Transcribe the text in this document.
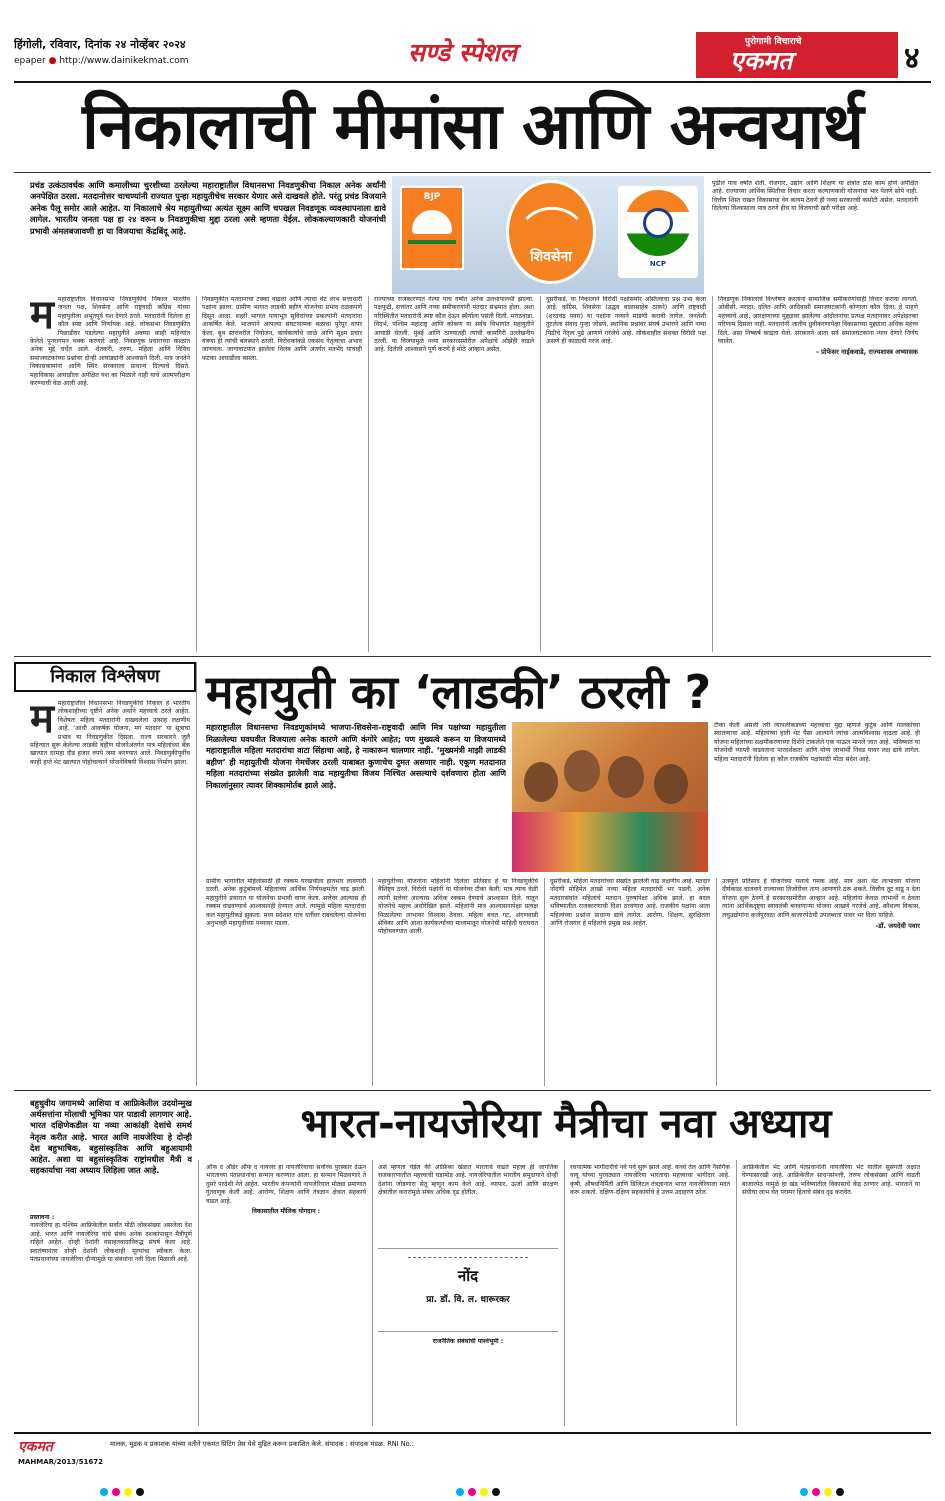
हिंगोली, रविवार, दिनांक २४ नोव्हेंबर २०२४
epaper ● http://www.dainikekmat.com	सण्डे स्पेशल	पुरोगामी विचाराचे
एकमत	४
निकालाची मीमांसा आणि अन्वयार्थ
प्रचंड उत्कंठावर्धक आणि कमालीच्या चुरशीच्या ठरलेल्या महाराष्ट्रातील विधानसभा निवडणुकीचा निकाल अनेक अर्थांनी अनपेक्षित ठरला. मतदानोत्तर चाचण्यांनी राज्यात पुन्हा महायुतीचेच सरकार येणार असे दाखवले होते. परंतु प्रचंड विजयाने अनेक पैलू समोर आले आहेत. या निकालाचे श्रेय महायुतीच्या अत्यंत सूक्ष्म आणि चपखल निवडणूक व्यवस्थापनाला द्यावे लागेल. भारतीय जनता पक्ष हा २४ वरून ७ निवडणुकीचा मुद्दा ठरला असे म्हणता येईल. लोककल्याणकारी योजनांची प्रभावी अंमलबजावणी हा या विजयाचा केंद्रबिंदू आहे.
BJP
शिवसेना	NCP
पुढील पाच वर्षांत शेती, रोजगार, उद्योग आणि शिक्षण या क्षेत्रांत ठोस काम होणे अपेक्षित आहे. राज्याच्या आर्थिक स्थितीचा विचार करता कल्याणकारी योजनांचा भार पेलणे सोपे नाही. वित्तीय शिस्त राखत विकासाचा वेग कायम ठेवणे ही नव्या सरकारची कसोटी असेल. मतदारांनी दिलेल्या विश्वासाला पात्र ठरणे हीच या विजयाची खरी परीक्षा आहे.
ममहाराष्ट्रातील विधानसभा निवडणुकीचे निकाल भारतीय जनता पक्ष, शिवसेना आणि राष्ट्रवादी काँग्रेस यांच्या महायुतीला अभूतपूर्व यश देणारे ठरले. मतदारांनी दिलेला हा कौल स्पष्ट आणि निर्णायक आहे. लोकसभा निवडणुकीत पिछाडीवर पडलेल्या महायुतीने अवघ्या काही महिन्यांत केलेले पुनरागमन थक्क करणारे आहे. निवडणूक प्रचाराच्या काळात अनेक मुद्दे चर्चेत आले. शेतकरी, तरुण, महिला आणि विविध समाजघटकांच्या प्रश्नांवर दोन्ही आघाड्यांनी आश्वासने दिली. मात्र जनतेने विकासकामांना आणि स्थिर सरकारला प्राधान्य दिल्याचे दिसते. महाविकास आघाडीला अपेक्षित यश का मिळाले नाही याचे आत्मपरीक्षण करण्याची वेळ आली आहे.
निवडणुकीत मतदानाचा टक्का वाढला आणि त्याचा थेट लाभ सत्ताधारी पक्षांना झाला. ग्रामीण भागात लाडकी बहीण योजनेचा प्रभाव ठळकपणे दिसून आला. शहरी भागात पायाभूत सुविधांच्या प्रकल्पांनी मतदारांना आकर्षित केले. भाजपाने आपल्या संघटनात्मक बळाचा पुरेपूर वापर केला. बूथ स्तरावरील नियोजन, कार्यकर्त्यांचे जाळे आणि सूक्ष्म प्रचार यंत्रणा ही त्यांची बलस्थाने ठरली. विरोधकांकडे एकसंध नेतृत्वाचा अभाव जाणवला. जागावाटपात झालेला विलंब आणि अंतर्गत मतभेद याचाही फटका आघाडीला बसला.
राज्याच्या राजकारणात गेल्या पाच वर्षांत अनेक उलथापालथी झाल्या. पक्षफुटी, सत्तांतर आणि नव्या समीकरणांनी मतदार संभ्रमात होता. अशा परिस्थितीत मतदारांनी स्पष्ट कौल देऊन स्थैर्याला पसंती दिली. मराठवाडा, विदर्भ, पश्चिम महाराष्ट्र आणि कोकण या सर्वच विभागांत महायुतीने आघाडी घेतली. मुंबई आणि ठाण्यातही त्यांची कामगिरी उल्लेखनीय ठरली. या विजयामुळे नव्या सरकारसमोरील अपेक्षांचे ओझेही वाढले आहे. दिलेली आश्वासने पूर्ण करणे हे मोठे आव्हान असेल.
दुसरीकडे, या निकालाने विरोधी पक्षांसमोर अस्तित्वाचा प्रश्न उभा केला आहे. काँग्रेस, शिवसेना (उद्धव बाळासाहेब ठाकरे) आणि राष्ट्रवादी (शरदचंद्र पवार) या पक्षांना नव्याने मांडणी करावी लागेल. जनतेशी तुटलेला संवाद पुन्हा जोडणे, स्थानिक प्रश्नांवर संघर्ष उभारणे आणि नव्या पिढीचे नेतृत्व पुढे आणणे गरजेचे आहे. लोकशाहीत सशक्त विरोधी पक्ष असणे ही काळाची गरज आहे.
निवडणूक निकालांचे विश्लेषण करताना सामाजिक समीकरणांचाही विचार करावा लागतो. ओबीसी, मराठा, दलित आणि आदिवासी समाजघटकांनी कोणाला कौल दिला, हे पाहणे महत्त्वाचे आहे. आरक्षणाच्या मुद्द्यावर झालेल्या आंदोलनांचा प्रत्यक्ष मतदानावर अपेक्षेइतका परिणाम दिसला नाही. मतदारांनी जातीय ध्रुवीकरणापेक्षा विकासाच्या मुद्द्याला अधिक महत्त्व दिले, असा निष्कर्ष काढता येतो. सरकारने आता सर्व समाजघटकांना न्याय देणारे निर्णय घ्यावेत.
- प्रोफेसर नाईकवाडे, राज्यशास्त्र अभ्यासक
निकाल विश्लेषण
ममहाराष्ट्रातील विधानसभा निवडणुकीचे निकाल हे भारतीय लोकशाहीच्या दृष्टीने अनेक अर्थाने महत्त्वाचे ठरले आहेत. विशेषतः महिला मतदारांनी दाखवलेला उत्साह लक्षणीय आहे. ‘आधी आकर्षक योजना, मग मतदान’ या सूत्राचा प्रभाव या निवडणुकीत दिसला. राज्य सरकारने जुलै महिन्यात सुरू केलेल्या लाडकी बहीण योजनेअंतर्गत पात्र महिलांच्या बँक खात्यात दरमहा दीड हजार रुपये जमा करण्यात आले. निवडणुकीपूर्वीच काही हप्ते थेट खात्यात पोहोचल्याने योजनेविषयी विश्वास निर्माण झाला.
महायुती का ‘लाडकी’ ठरली ?
महाराष्ट्रातील विधानसभा निवडणुकांमध्ये भाजपा-शिवसेना-राष्ट्रवादी आणि मित्र पक्षांच्या महायुतीला मिळालेल्या घवघवीत विजयाला अनेक कारणे आणि कंगोरे आहेत; पण मुख्यत्वे करून या विजयामध्ये महाराष्ट्रातील महिला मतदारांचा वाटा सिंहाचा आहे, हे नाकारून चालणार नाही. ‘मुख्यमंत्री माझी लाडकी बहीण’ ही महायुतीची योजना गेमचेंजर ठरली याबाबत कुणाचेच दुमत असणार नाही. एकूण मतदानात महिला मतदारांच्या संख्येत झालेली वाढ महायुतीचा विजय निश्चित असल्याचे दर्शवणारा होता आणि निकालांनुसार त्यावर शिक्कामोर्तब झाले आहे.
टीका केली असली तरी त्यापलीकडच्या महत्त्वाचा मुद्दा म्हणजे कुटुंब आणि पालकांच्या स्वातंत्र्याचा आहे. महिलांच्या हाती थेट पैसा आल्याने त्यांचा आत्मविश्वास वाढला आहे. ही योजना महिलांच्या सक्षमीकरणाच्या दिशेने टाकलेले एक पाऊल मानले जात आहे. भविष्यात या योजनेची व्याप्ती वाढवताना पारदर्शकता आणि योग्य लाभार्थी निवड यावर लक्ष द्यावे लागेल. महिला मतदारांनी दिलेला हा कौल राजकीय पक्षांसाठी मोठा संदेश आहे.
ग्रामीण भागातील महिलांसाठी ही रक्कम घरखर्चाला हातभार लावणारी ठरली. अनेक कुटुंबांमध्ये महिलांच्या आर्थिक निर्णयक्षमतेत वाढ झाली. महायुतीने प्रचारात या योजनेचा प्रभावी वापर केला. सत्तेवर आल्यास ही रक्कम वाढवण्याचे आश्वासनही देण्यात आले. त्यामुळे महिला मतदारांचा कल महायुतीकडे झुकला. मध्य प्रदेशात याच धर्तीवर राबवलेल्या योजनेचा अनुभवही महायुतीच्या पथ्यावर पडला.
महायुतीच्या योजनांना महिलांनी दिलेला प्रतिसाद हे या निवडणुकीचे वैशिष्ट्य ठरले. विरोधी पक्षांनी या योजनेवर टीका केली; मात्र त्याच वेळी त्यांनी सत्तेवर आल्यास अधिक रक्कम देण्याचे आश्वासन दिले. यातून योजनेचे महत्त्व अधोरेखित झाले. महिलांनी मात्र आश्वासनापेक्षा प्रत्यक्ष मिळालेल्या लाभावर विश्वास ठेवला. महिला बचत गट, अंगणवाडी सेविका आणि आशा कार्यकर्त्यांच्या माध्यमातून योजनेची माहिती घराघरात पोहोचवण्यात आली.
दुसरीकडे, महिला मतदारांच्या संख्येत झालेली वाढ लक्षणीय आहे. मतदार नोंदणी मोहिमेत लाखो नव्या महिला मतदारांची भर पडली. अनेक मतदारसंघांत महिलांचे मतदान पुरुषांपेक्षा अधिक झाले. हा बदल भविष्यातील राजकारणाची दिशा ठरवणारा आहे. राजकीय पक्षांना आता महिलांच्या प्रश्नांना प्राधान्य द्यावे लागेल. आरोग्य, शिक्षण, सुरक्षितता आणि रोजगार हे महिलांचे प्रमुख प्रश्न आहेत.
उत्स्फूर्त प्रतिसाद हे योजनेच्या यशाचे गमक आहे. मात्र अशा थेट लाभाच्या योजना दीर्घकाळ चालवणे राज्याच्या तिजोरीवर ताण आणणारे ठरू शकते. वित्तीय तूट वाढू न देता योजना सुरू ठेवणे हे सरकारसमोरील आव्हान आहे. महिलांना केवळ लाभार्थी न ठेवता त्यांना आर्थिकदृष्ट्या स्वावलंबी बनवणाऱ्या योजना आखणे गरजेचे आहे. कौशल्य विकास, लघुउद्योगांना कर्जपुरवठा आणि बाजारपेठेची उपलब्धता यावर भर दिला पाहिजे.
-डॉ. जयदेवी पवार
बहुधुवीय जगामध्ये आशिया व आफ्रिकेतील उदयोन्मुख अर्थसत्तांना मोलाची भूमिका पार पाडावी लागणार आहे. भारत दक्षिणेकडील या नव्या आकांक्षी देशांचे समर्थ नेतृत्व करीत आहे. भारत आणि नायजेरिया हे दोन्ही देश बहुभाषिक, बहुसांस्कृतिक आणि बहुआयामी आहेत. अशा या बहुसांस्कृतिक राष्ट्रांमधील मैत्री व सहकार्याचा नवा अध्याय लिहिला जात आहे.
भारत-नायजेरिया मैत्रीचा नवा अध्याय
प्रस्तावना :
नायजेरिया हा पश्चिम आफ्रिकेतील सर्वांत मोठी लोकसंख्या असलेला देश आहे. भारत आणि नायजेरिया यांचे संबंध अनेक दशकांपासून मैत्रीपूर्ण राहिले आहेत. दोन्ही देशांनी वसाहतवादाविरुद्ध संघर्ष केला आहे. स्वातंत्र्यानंतर दोन्ही देशांनी लोकशाही मूल्यांचा स्वीकार केला. पंतप्रधानांच्या नायजेरिया दौऱ्यामुळे या संबंधांना नवी दिशा मिळाली आहे.
ऑफ द ऑर्डर ऑफ द नायजर हा नायजेरियाचा सर्वोच्च पुरस्कार देऊन भारताच्या पंतप्रधानांचा सन्मान करण्यात आला. हा सन्मान मिळवणारे ते दुसरे परदेशी नेते आहेत. भारतीय कंपन्यांनी नायजेरियात मोठ्या प्रमाणात गुंतवणूक केली आहे. आरोग्य, शिक्षण आणि तंत्रज्ञान क्षेत्रात सहकार्य वाढत आहे.
विकासातील मौलिक योगदान :
असे म्हणता येईल की आफ्रिका खंडात भारताचे वाढते महत्त्व ही जागतिक राजकारणातील महत्त्वाची घडामोड आहे. नायजेरियातील भारतीय समुदायाने दोन्ही देशांना जोडणारा सेतू म्हणून काम केले आहे. व्यापार, ऊर्जा आणि संरक्षण क्षेत्रातील करारांमुळे संबंध अधिक दृढ होतील.
नोंद
प्रा. डॉ. वि. ल. धारूरकर
राजनैतिक संबंधांची पार्श्वभूमी :
रचनात्मक भागीदारीचे नवे पर्व सुरू झाले आहे. कच्चे तेल आणि नैसर्गिक वायू यांच्या पुरवठ्यात नायजेरिया भारताचा महत्त्वाचा भागीदार आहे. कृषी, औषधनिर्मिती आणि डिजिटल तंत्रज्ञानात भारत नायजेरियाला मदत करू शकतो. दक्षिण-दक्षिण सहकार्याचे हे उत्तम उदाहरण ठरेल.
आफ्रिकेतील भेट आणि पंतप्रधानांनी नायजेरिया भेट यातील सुसंगती लक्षात घेण्यासारखी आहे. आफ्रिकेतील साधनसंपत्ती, तरुण लोकसंख्या आणि वाढती बाजारपेठ यामुळे हा खंड भविष्यातील विकासाचे केंद्र ठरणार आहे. भारताने या संधीचा लाभ घेत परस्पर हिताचे संबंध दृढ करावेत.
एकमत
MAHMAR/2013/51672
मालक, मुद्रक व प्रकाशक यांच्या वतीने एकमत प्रिंटिंग प्रेस येथे मुद्रित करून प्रकाशित केले. संपादक : संपादक मंडळ. RNI No.:
